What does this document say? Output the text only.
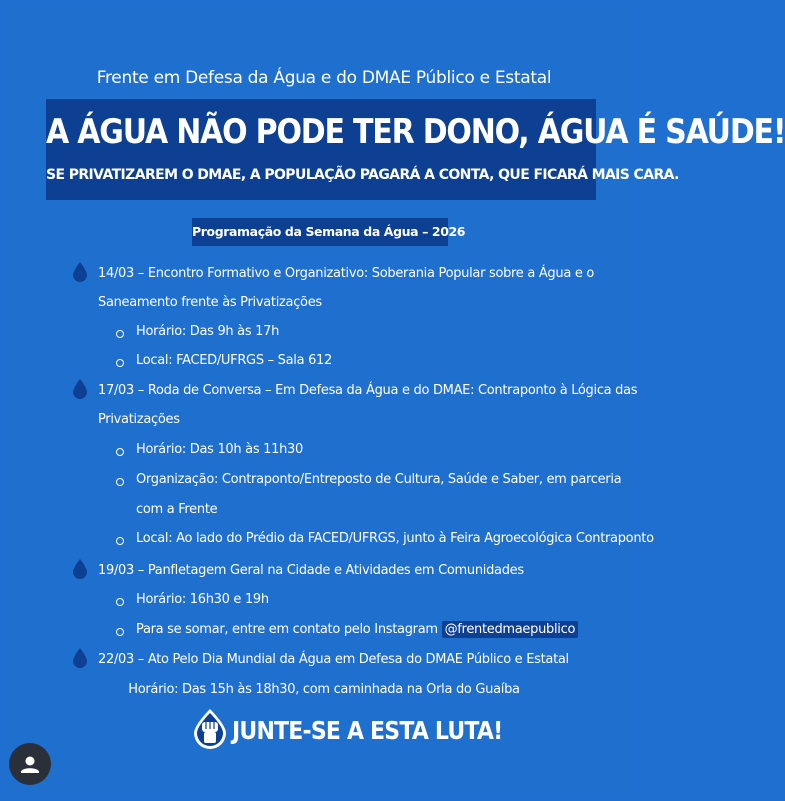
Frente em Defesa da Água e do DMAE Público e Estatal
A ÁGUA NÃO PODE TER DONO, ÁGUA É SAÚDE!
SE PRIVATIZAREM O DMAE, A POPULAÇÃO PAGARÁ A CONTA, QUE FICARÁ MAIS CARA.
Programação da Semana da Água – 2026
14/03 – Encontro Formativo e Organizativo: Soberania Popular sobre a Água e o
Saneamento frente às Privatizações
Horário: Das 9h às 17h
Local: FACED/UFRGS – Sala 612
17/03 – Roda de Conversa – Em Defesa da Água e do DMAE: Contraponto à Lógica das
Privatizações
Horário: Das 10h às 11h30
Organização: Contraponto/Entreposto de Cultura, Saúde e Saber, em parceria
com a Frente
Local: Ao lado do Prédio da FACED/UFRGS, junto à Feira Agroecológica Contraponto
19/03 – Panfletagem Geral na Cidade e Atividades em Comunidades
Horário: 16h30 e 19h
Para se somar, entre em contato pelo Instagram @frentedmaepublico
22/03 – Ato Pelo Dia Mundial da Água em Defesa do DMAE Público e Estatal
Horário: Das 15h às 18h30, com caminhada na Orla do Guaíba
JUNTE-SE A ESTA LUTA!
